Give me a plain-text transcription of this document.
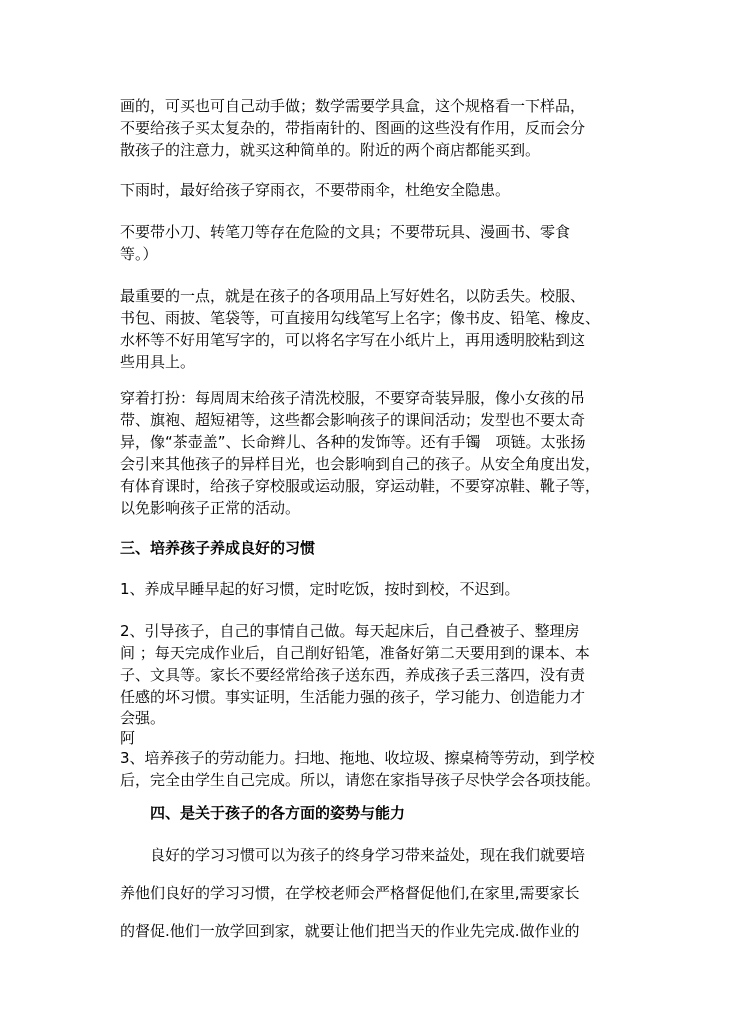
画的，可买也可自己动手做；数学需要学具盒，这个规格看一下样品，

不要给孩子买太复杂的，带指南针的、图画的这些没有作用，反而会分

散孩子的注意力，就买这种简单的。附近的两个商店都能买到。

下雨时，最好给孩子穿雨衣，不要带雨伞，杜绝安全隐患。

不要带小刀、转笔刀等存在危险的文具；不要带玩具、漫画书、零食

等。）

最重要的一点，就是在孩子的各项用品上写好姓名，以防丢失。校服、

书包、雨披、笔袋等，可直接用勾线笔写上名字；像书皮、铅笔、橡皮、

水杯等不好用笔写字的，可以将名字写在小纸片上，再用透明胶粘到这

些用具上。

穿着打扮：每周周末给孩子清洗校服，不要穿奇装异服，像小女孩的吊

带、旗袍、超短裙等，这些都会影响孩子的课间活动；发型也不要太奇

异，像“茶壶盖”、长命辫儿、各种的发饰等。还有手镯　项链。太张扬

会引来其他孩子的异样目光，也会影响到自己的孩子。从安全角度出发，

有体育课时，给孩子穿校服或运动服，穿运动鞋，不要穿凉鞋、靴子等，

以免影响孩子正常的活动。

三、培养孩子养成良好的习惯

1、养成早睡早起的好习惯，定时吃饭，按时到校，不迟到。

2、引导孩子，自己的事情自己做。每天起床后，自己叠被子、整理房

间 ；每天完成作业后，自己削好铅笔，准备好第二天要用到的课本、本

子、文具等。家长不要经常给孩子送东西，养成孩子丢三落四，没有责

任感的坏习惯。事实证明，生活能力强的孩子，学习能力、创造能力才

会强。

阿

3、培养孩子的劳动能力。扫地、拖地、收垃圾、擦桌椅等劳动，到学校

后，完全由学生自己完成。所以，请您在家指导孩子尽快学会各项技能。

四、是关于孩子的各方面的姿势与能力

良好的学习习惯可以为孩子的终身学习带来益处，现在我们就要培

养他们良好的学习习惯，在学校老师会严格督促他们,在家里,需要家长

的督促.他们一放学回到家，就要让他们把当天的作业先完成.做作业的
